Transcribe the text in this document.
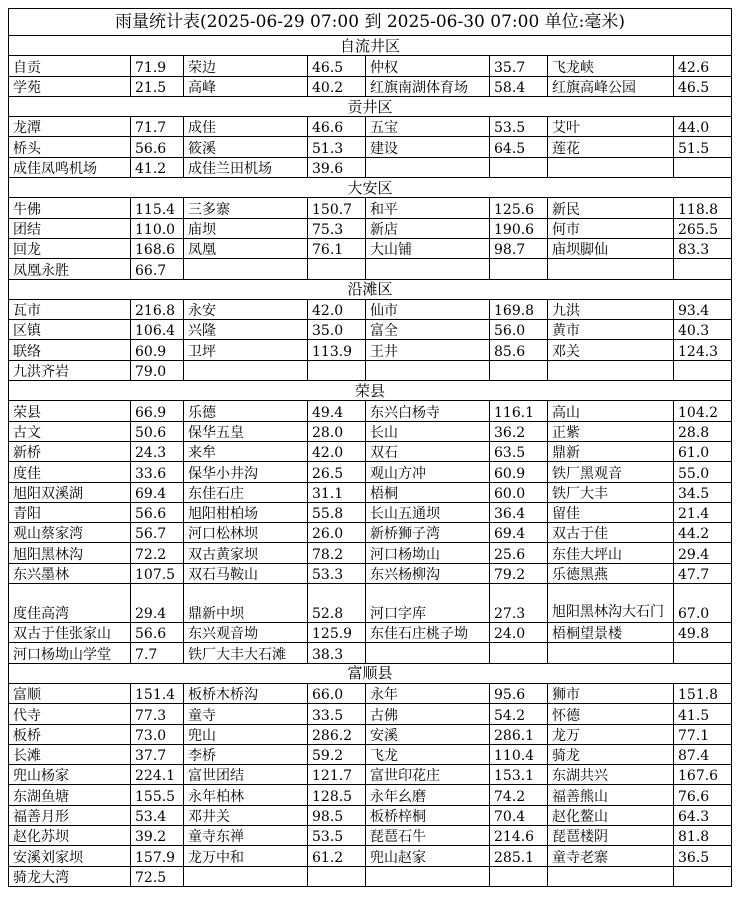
雨量统计表(2025-06-29 07:00 到 2025-06-30 07:00 单位:毫米)							
自流井区							
自贡	71.9	荣边	46.5	仲权	35.7	飞龙峡	42.6
学苑	21.5	高峰	40.2	红旗南湖体育场	58.4	红旗高峰公园	46.5
贡井区							
龙潭	71.7	成佳	46.6	五宝	53.5	艾叶	44.0
桥头	56.6	筱溪	51.3	建设	64.5	莲花	51.5
成佳凤鸣机场	41.2	成佳兰田机场	39.6				
大安区							
牛佛	115.4	三多寨	150.7	和平	125.6	新民	118.8
团结	110.0	庙坝	75.3	新店	190.6	何市	265.5
回龙	168.6	凤凰	76.1	大山铺	98.7	庙坝脚仙	83.3
凤凰永胜	66.7						
沿滩区							
瓦市	216.8	永安	42.0	仙市	169.8	九洪	93.4
区镇	106.4	兴隆	35.0	富全	56.0	黄市	40.3
联络	60.9	卫坪	113.9	王井	85.6	邓关	124.3
九洪齐岩	79.0						
荣县							
荣县	66.9	乐德	49.4	东兴白杨寺	116.1	高山	104.2
古文	50.6	保华五皇	28.0	长山	36.2	正紫	28.8
新桥	24.3	来牟	42.0	双石	63.5	鼎新	61.0
度佳	33.6	保华小井沟	26.5	观山方冲	60.9	铁厂黑观音	55.0
旭阳双溪湖	69.4	东佳石庄	31.1	梧桐	60.0	铁厂大丰	34.5
青阳	56.6	旭阳柑柏场	55.8	长山五通坝	36.4	留佳	21.4
观山蔡家湾	56.7	河口松林坝	26.0	新桥狮子湾	69.4	双古于佳	44.2
旭阳黑林沟	72.2	双古黄家坝	78.2	河口杨坳山	25.6	东佳大坪山	29.4
东兴墨林	107.5	双石马鞍山	53.3	东兴杨柳沟	79.2	乐德黑燕	47.7
度佳高湾	29.4	鼎新中坝	52.8	河口字库	27.3	旭阳黑林沟大石门	67.0
双古于佳张家山	56.6	东兴观音坳	125.9	东佳石庄桃子坳	24.0	梧桐望景楼	49.8
河口杨坳山学堂	7.7	铁厂大丰大石滩	38.3				
富顺县							
富顺	151.4	板桥木桥沟	66.0	永年	95.6	狮市	151.8
代寺	77.3	童寺	33.5	古佛	54.2	怀德	41.5
板桥	73.0	兜山	286.2	安溪	286.1	龙万	77.1
长滩	37.7	李桥	59.2	飞龙	110.4	骑龙	87.4
兜山杨家	224.1	富世团结	121.7	富世印花庄	153.1	东湖共兴	167.6
东湖鱼塘	155.5	永年柏林	128.5	永年幺磨	74.2	福善熊山	76.6
福善月形	53.4	邓井关	98.5	板桥梓桐	70.4	赵化鳌山	64.3
赵化苏坝	39.2	童寺东禅	53.5	琵琶石牛	214.6	琵琶楼阴	81.8
安溪刘家坝	157.9	龙万中和	61.2	兜山赵家	285.1	童寺老寨	36.5
骑龙大湾	72.5						
